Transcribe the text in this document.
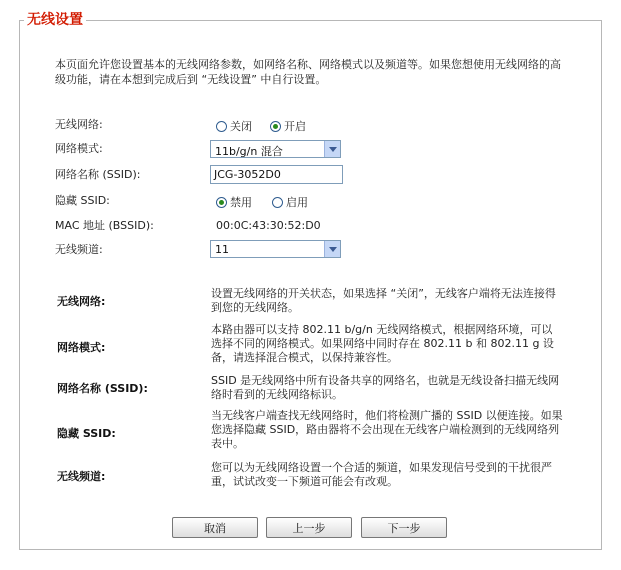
无线设置
本页面允许您设置基本的无线网络参数，如网络名称、网络模式以及频道等。如果您想使用无线网络的高级功能，请在本想到完成后到 “无线设置” 中自行设置。
无线网络:	关闭	开启
网络模式:	11b/g/n 混合
网络名称 (SSID):	JCG-3052D0
隐藏 SSID:	禁用	启用
MAC 地址 (BSSID):	00:0C:43:30:52:D0
无线频道:	11
无线网络:
设置无线网络的开关状态，如果选择 “关闭”，无线客户端将无法连接得到您的无线网络。
网络模式:
本路由器可以支持 802.11 b/g/n 无线网络模式，根据网络环境，可以选择不同的网络模式。如果网络中同时存在 802.11 b 和 802.11 g 设备，请选择混合模式，以保持兼容性。
网络名称 (SSID):
SSID 是无线网络中所有设备共享的网络名，也就是无线设备扫描无线网络时看到的无线网络标识。
隐藏 SSID:
当无线客户端查找无线网络时，他们将检测广播的 SSID 以便连接。如果您选择隐藏 SSID，路由器将不会出现在无线客户端检测到的无线网络列表中。
无线频道:
您可以为无线网络设置一个合适的频道，如果发现信号受到的干扰很严重，试试改变一下频道可能会有改观。
取消	上一步	下一步
